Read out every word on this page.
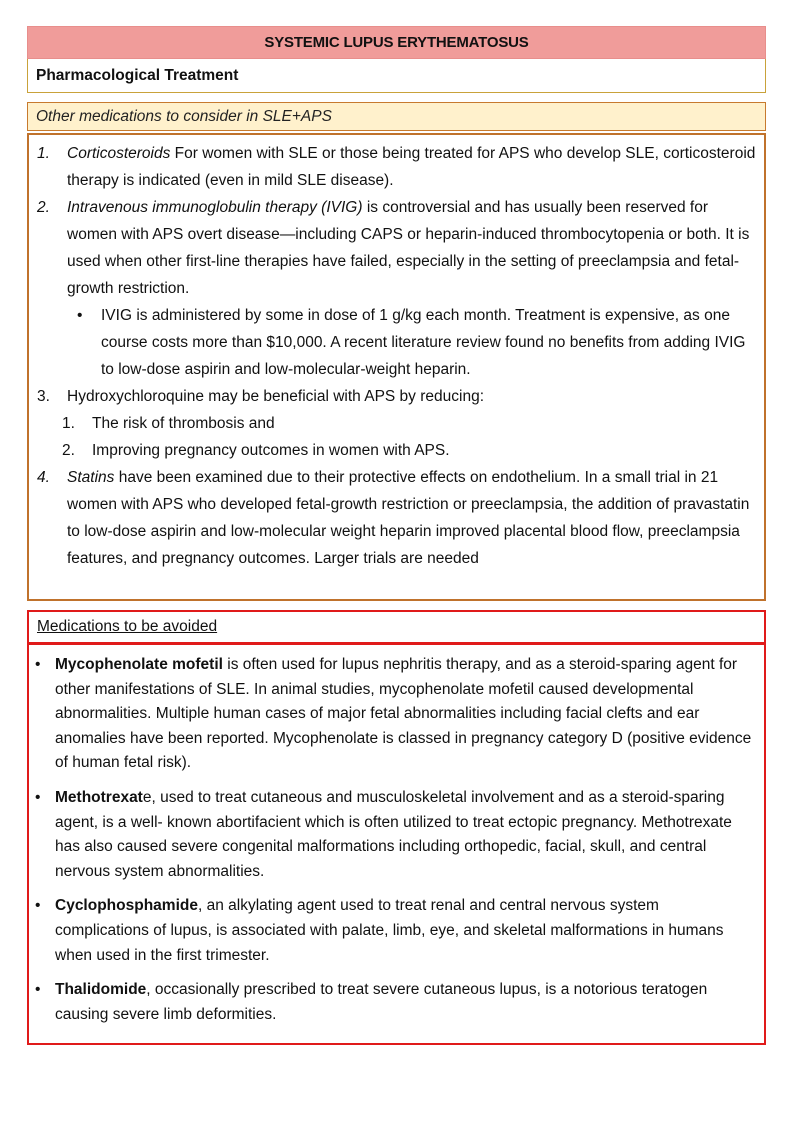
SYSTEMIC LUPUS ERYTHEMATOSUS
Pharmacological Treatment
Other medications to consider in SLE+APS
1.	Corticosteroids For women with SLE or those being treated for APS who develop SLE, corticosteroid therapy is indicated (even in mild SLE disease).
2.	Intravenous immunoglobulin therapy (IVIG) is controversial and has usually been reserved for women with APS overt disease—including CAPS or heparin-induced thrombocytopenia or both. It is used when other first-line therapies have failed, especially in the setting of preeclampsia and fetal-growth restriction.
•	IVIG is administered by some in dose of 1 g/kg each month. Treatment is expensive, as one course costs more than $10,000. A recent literature review found no benefits from adding IVIG to low-dose aspirin and low-molecular-weight heparin.
3.	Hydroxychloroquine may be beneficial with APS by reducing:
1.	The risk of thrombosis and
2.	Improving pregnancy outcomes in women with APS.
4.	Statins have been examined due to their protective effects on endothelium. In a small trial in 21 women with APS who developed fetal-growth restriction or preeclampsia, the addition of pravastatin to low-dose aspirin and low-molecular weight heparin improved placental blood flow, preeclampsia features, and pregnancy outcomes. Larger trials are needed
Medications to be avoided
• Mycophenolate mofetil is often used for lupus nephritis therapy, and as a steroid-sparing agent for other manifestations of SLE. In animal studies, mycophenolate mofetil caused developmental abnormalities. Multiple human cases of major fetal abnormalities including facial clefts and ear anomalies have been reported. Mycophenolate is classed in pregnancy category D (positive evidence of human fetal risk).
• Methotrexate, used to treat cutaneous and musculoskeletal involvement and as a steroid-sparing agent, is a well- known abortifacient which is often utilized to treat ectopic pregnancy. Methotrexate has also caused severe congenital malformations including orthopedic, facial, skull, and central nervous system abnormalities.
• Cyclophosphamide, an alkylating agent used to treat renal and central nervous system complications of lupus, is associated with palate, limb, eye, and skeletal malformations in humans when used in the first trimester.
• Thalidomide, occasionally prescribed to treat severe cutaneous lupus, is a notorious teratogen causing severe limb deformities.
